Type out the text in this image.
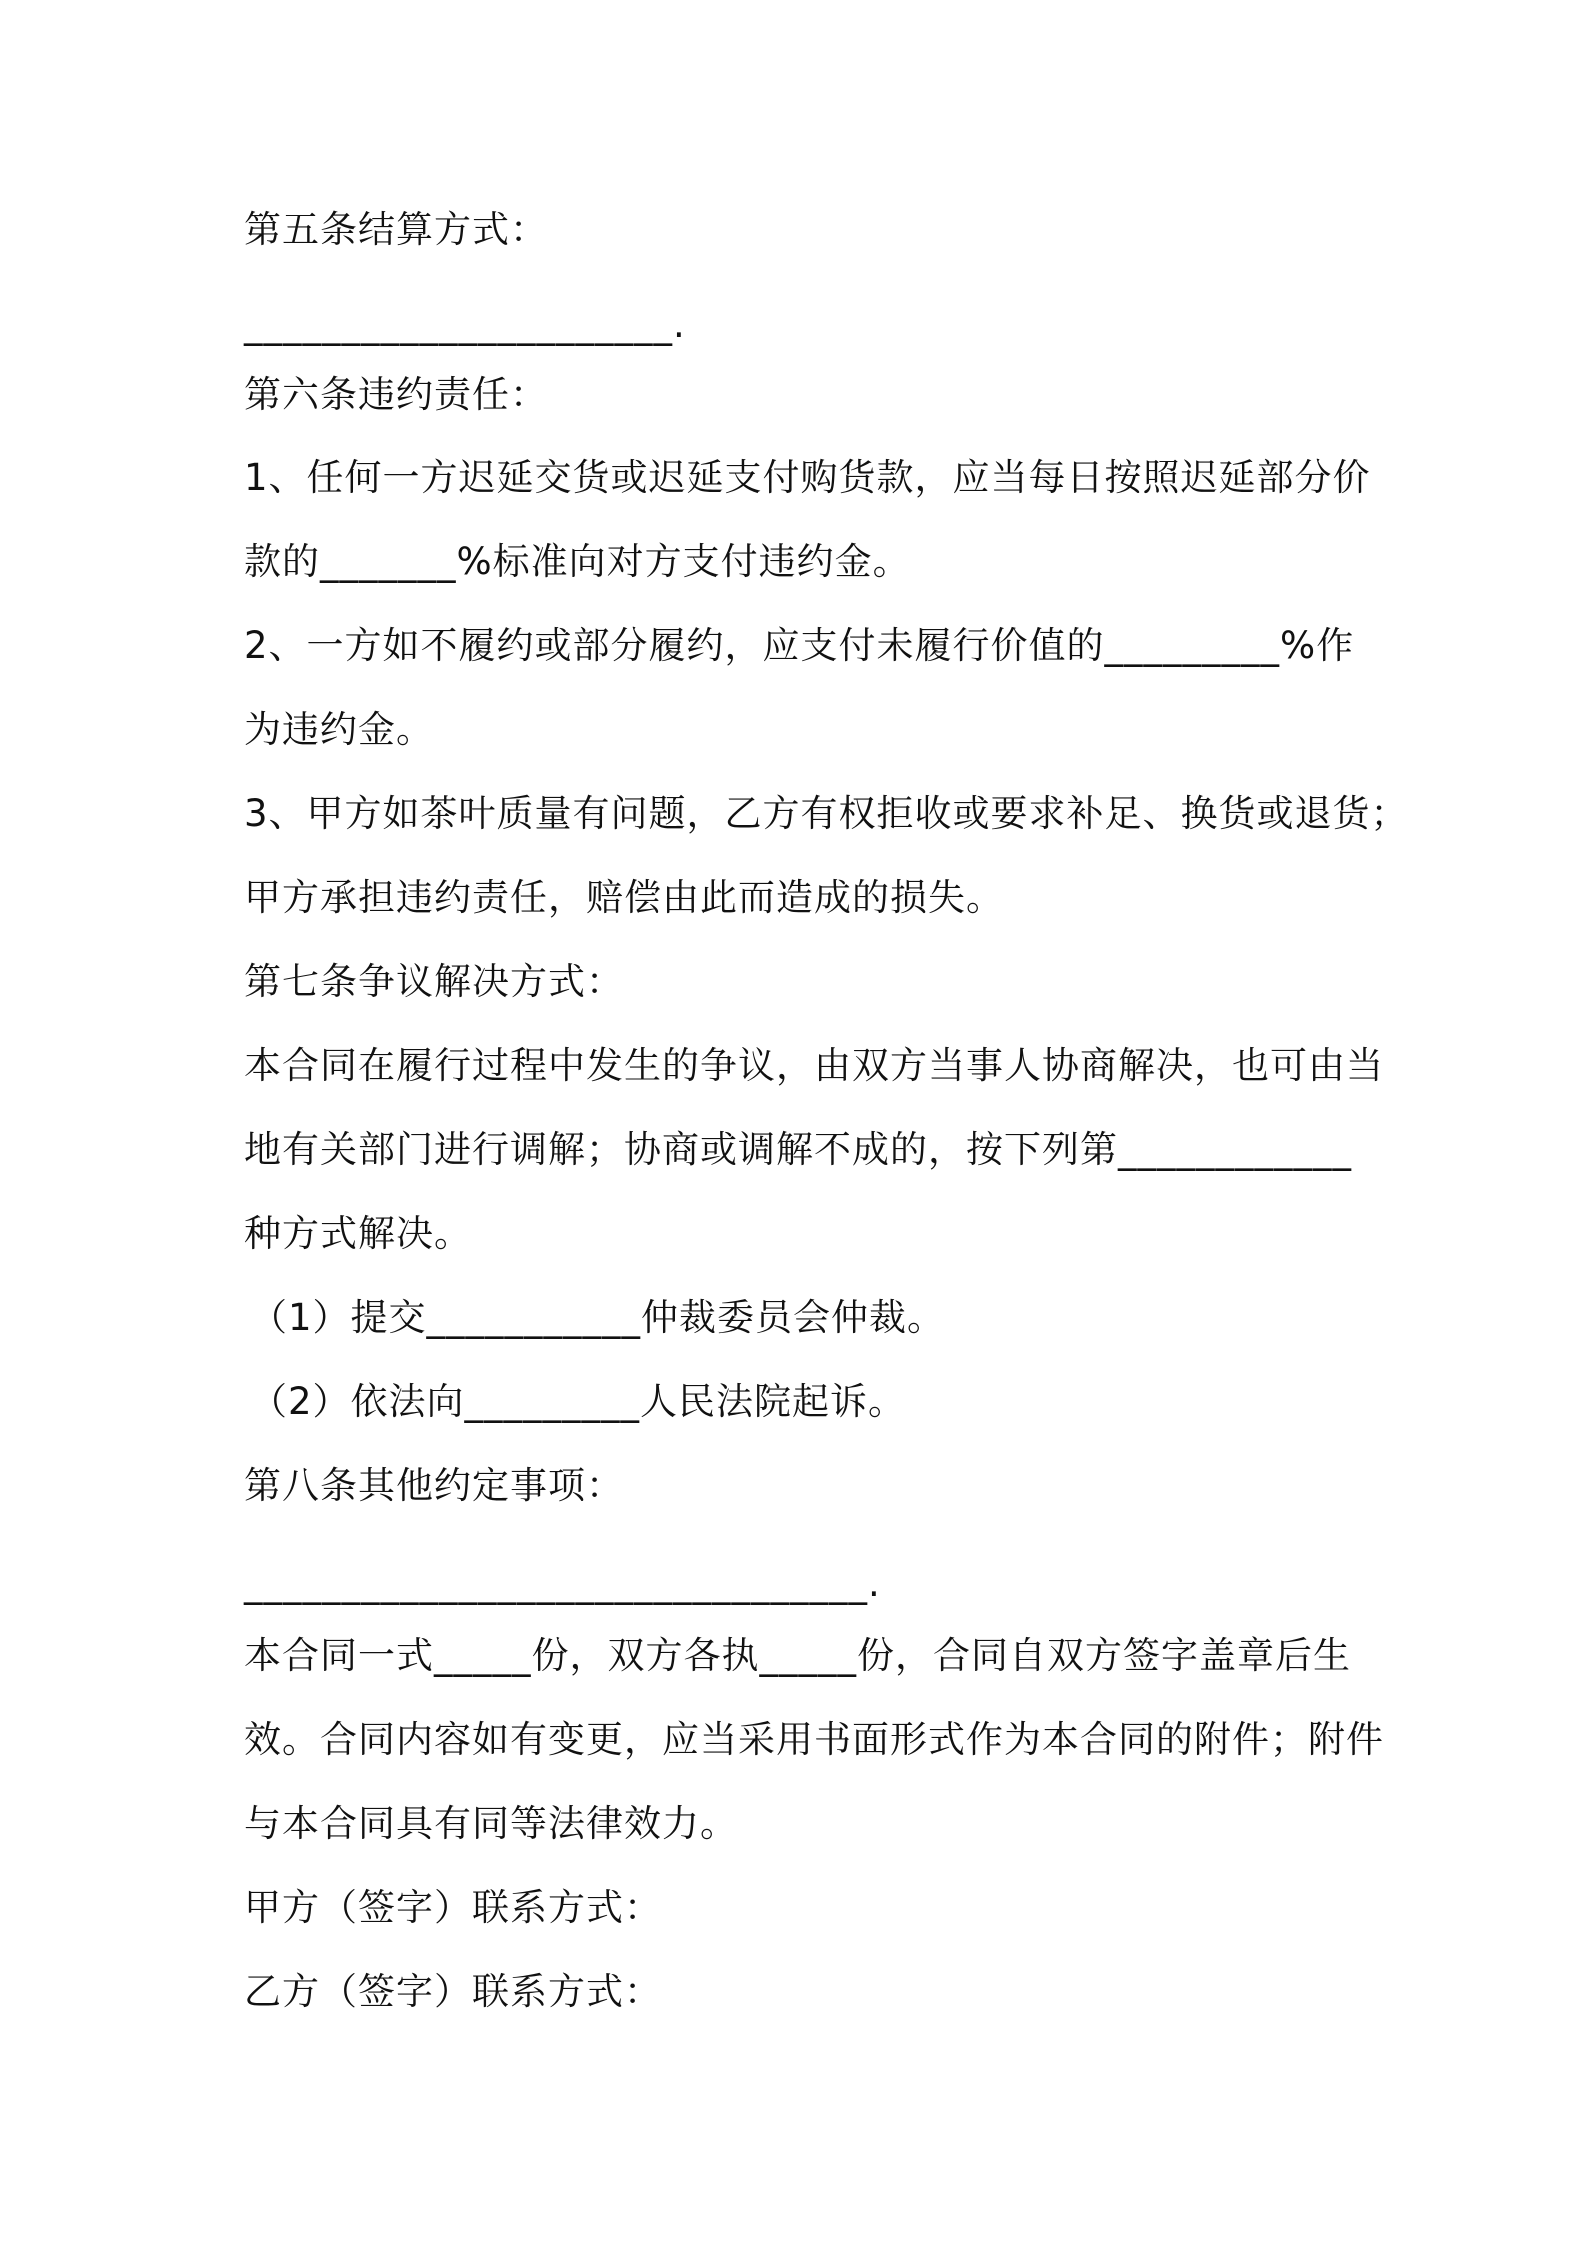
第五条结算方式：
______________________.
第六条违约责任：
1、任何一方迟延交货或迟延支付购货款，应当每日按照迟延部分价
款的_______%标准向对方支付违约金。
2、一方如不履约或部分履约，应支付未履行价值的_________%作
为违约金。
3、甲方如茶叶质量有问题，乙方有权拒收或要求补足、换货或退货；
甲方承担违约责任，赔偿由此而造成的损失。
第七条争议解决方式：
本合同在履行过程中发生的争议，由双方当事人协商解决，也可由当
地有关部门进行调解；协商或调解不成的，按下列第____________
种方式解决。
（1）提交___________仲裁委员会仲裁。
（2）依法向_________人民法院起诉。
第八条其他约定事项：
________________________________.
本合同一式_____份，双方各执_____份，合同自双方签字盖章后生
效。合同内容如有变更，应当采用书面形式作为本合同的附件；附件
与本合同具有同等法律效力。
甲方（签字）联系方式：
乙方（签字）联系方式：
